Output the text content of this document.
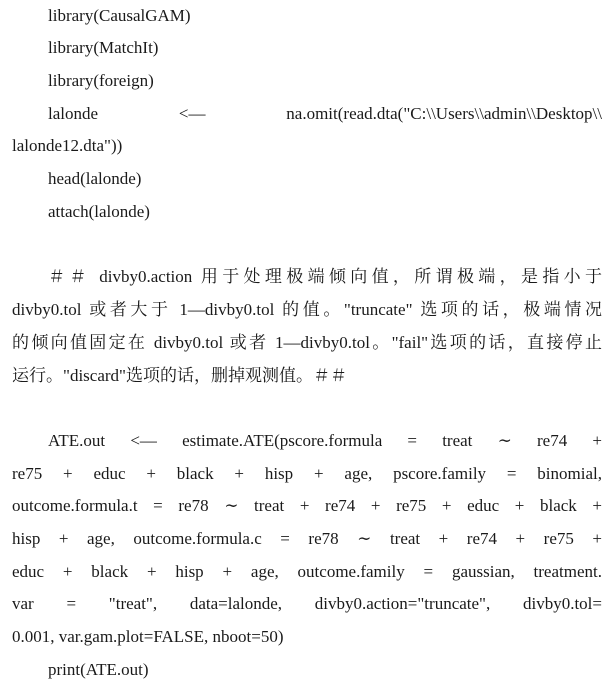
library(CausalGAM)
library(MatchIt)
library(foreign)
lalonde <— na.omit(read.dta("C:\\Users\\admin\\Desktop\\
lalonde12.dta"))
head(lalonde)
attach(lalonde)
＃＃ divby0.action 用于处理极端倾向值，所谓极端，是指小于
divby0.tol 或者大于 1—divby0.tol 的值。"truncate" 选项的话，极端情况
的倾向值固定在 divby0.tol 或者 1—divby0.tol。"fail"选项的话，直接停止
运行。"discard"选项的话，删掉观测值。＃＃
ATE.out <— estimate.ATE(pscore.formula = treat ∼ re74 +
re75 + educ + black + hisp + age, pscore.family = binomial,
outcome.formula.t = re78 ∼ treat + re74 + re75 + educ + black +
hisp + age, outcome.formula.c = re78 ∼ treat + re74 + re75 +
educ + black + hisp + age, outcome.family = gaussian, treatment.
var = "treat", data=lalonde, divby0.action="truncate", divby0.tol=
0.001, var.gam.plot=FALSE, nboot=50)
print(ATE.out)
